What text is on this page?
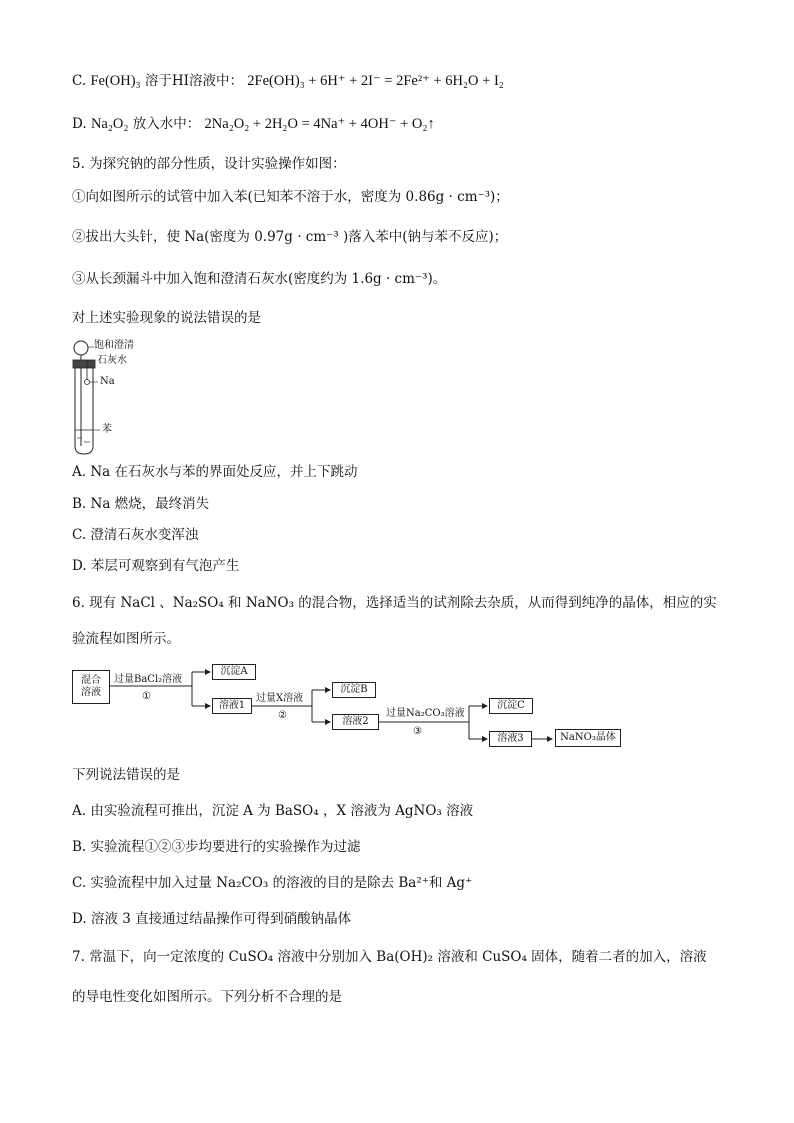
C. Fe(OH)₃ 溶于HI溶液中： 2Fe(OH)₃ + 6H⁺ + 2I⁻ = 2Fe²⁺ + 6H₂O + I₂
D. Na₂O₂ 放入水中： 2Na₂O₂ + 2H₂O = 4Na⁺ + 4OH⁻ + O₂↑
5. 为探究钠的部分性质，设计实验操作如图：
①向如图所示的试管中加入苯(已知苯不溶于水，密度为 0.86g · cm⁻³)；
②拔出大头针，使 Na(密度为 0.97g · cm⁻³ )落入苯中(钠与苯不反应)；
③从长颈漏斗中加入饱和澄清石灰水(密度约为 1.6g · cm⁻³)。
对上述实验现象的说法错误的是
饱和澄清
石灰水
Na
苯
A. Na 在石灰水与苯的界面处反应，并上下跳动
B. Na 燃烧，最终消失
C. 澄清石灰水变浑浊
D. 苯层可观察到有气泡产生
6. 现有 NaCl 、Na₂SO₄ 和 NaNO₃ 的混合物，选择适当的试剂除去杂质，从而得到纯净的晶体，相应的实
验流程如图所示。
混合
溶液
过量BaCl₂溶液
①
沉淀A
溶液1
过量X溶液
②
沉淀B
溶液2
过量Na₂CO₃溶液
③
沉淀C
溶液3	NaNO₃晶体
下列说法错误的是
A. 由实验流程可推出，沉淀 A 为 BaSO₄ ，X 溶液为 AgNO₃ 溶液
B. 实验流程①②③步均要进行的实验操作为过滤
C. 实验流程中加入过量 Na₂CO₃ 的溶液的目的是除去 Ba²⁺和 Ag⁺
D. 溶液 3 直接通过结晶操作可得到硝酸钠晶体
7. 常温下，向一定浓度的 CuSO₄ 溶液中分别加入 Ba(OH)₂ 溶液和 CuSO₄ 固体，随着二者的加入，溶液
的导电性变化如图所示。下列分析不合理的是
